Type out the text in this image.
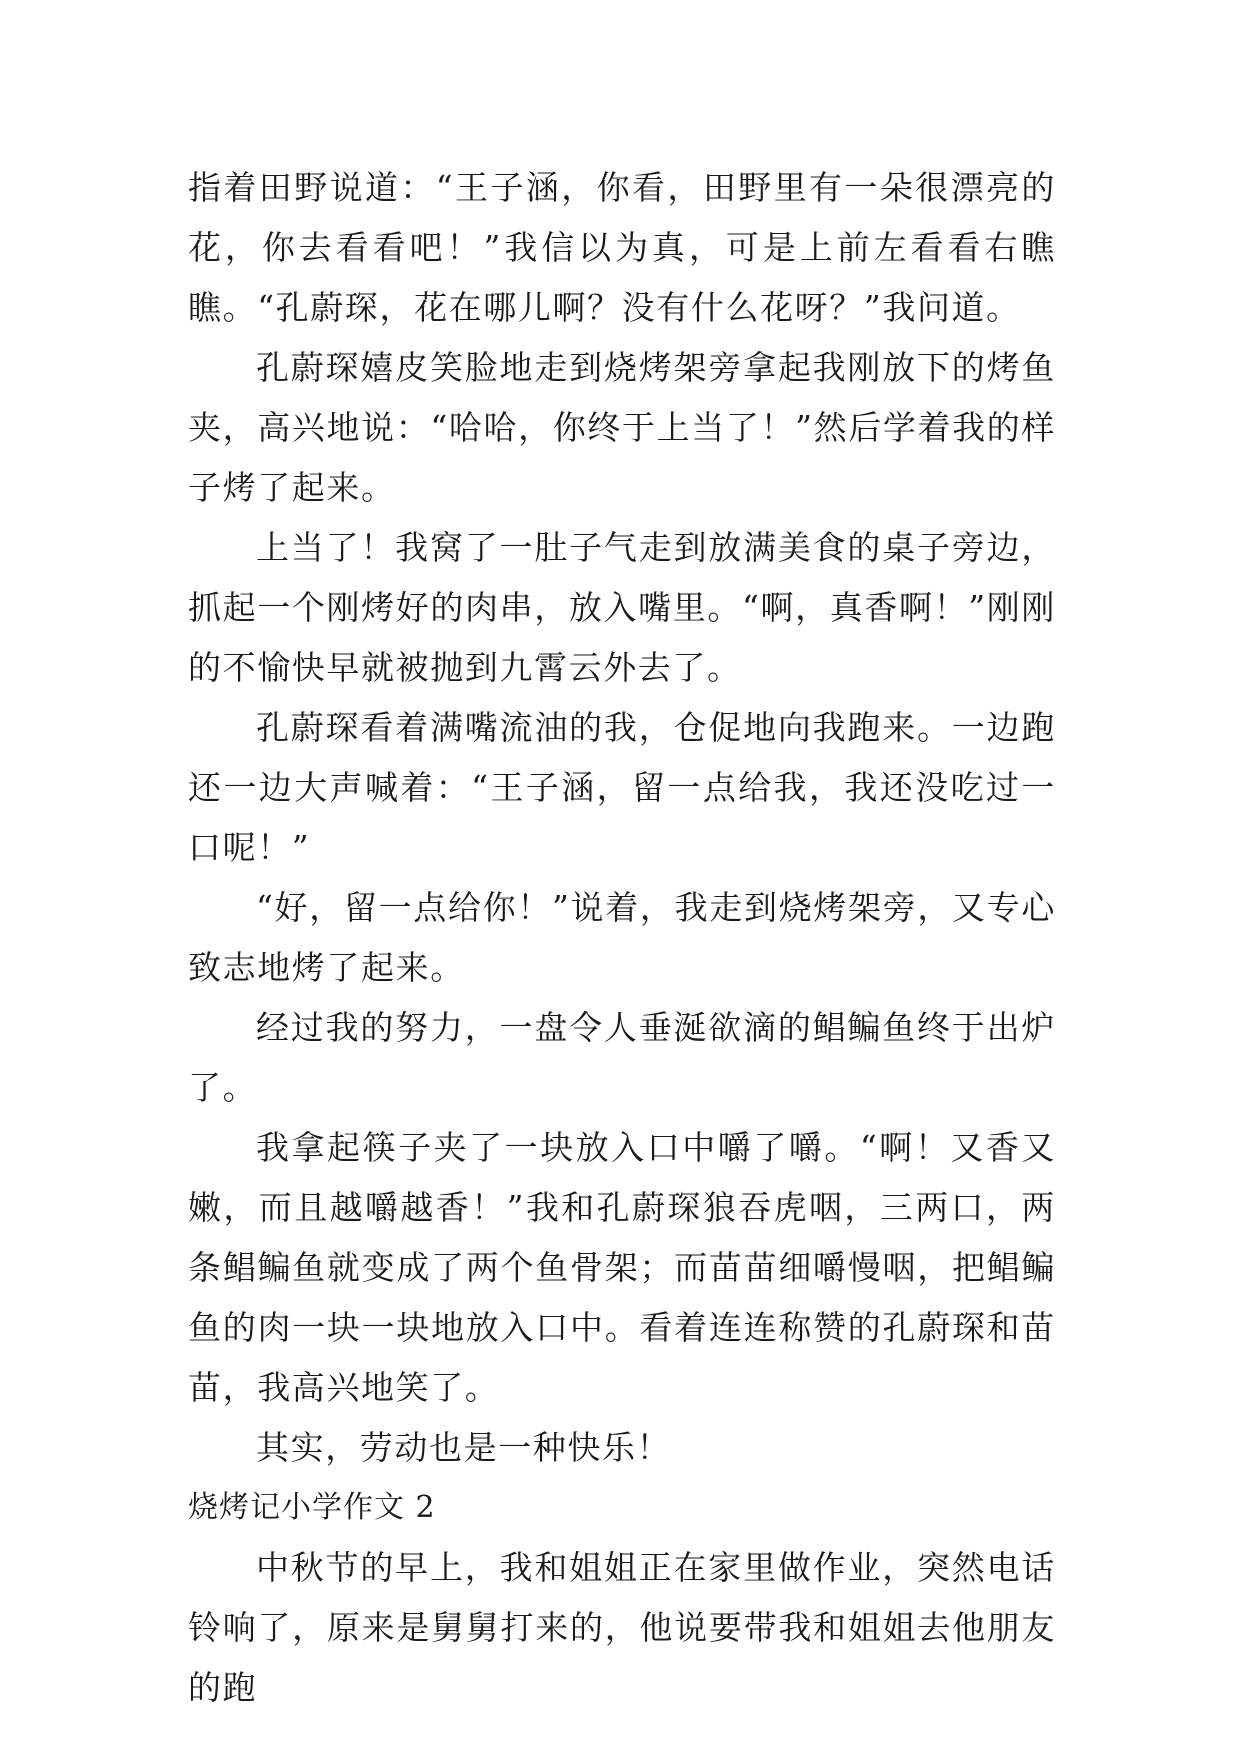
指着田野说道：“王子涵，你看，田野里有一朵很漂亮的花，你去看看吧！”我信以为真，可是上前左看看右瞧瞧。“孔蔚琛，花在哪儿啊？没有什么花呀？”我问道。

孔蔚琛嬉皮笑脸地走到烧烤架旁拿起我刚放下的烤鱼夹，高兴地说：“哈哈，你终于上当了！”然后学着我的样子烤了起来。

上当了！我窝了一肚子气走到放满美食的桌子旁边，抓起一个刚烤好的肉串，放入嘴里。“啊，真香啊！”刚刚的不愉快早就被抛到九霄云外去了。

孔蔚琛看着满嘴流油的我，仓促地向我跑来。一边跑还一边大声喊着：“王子涵，留一点给我，我还没吃过一口呢！”

“好，留一点给你！”说着，我走到烧烤架旁，又专心致志地烤了起来。

经过我的努力，一盘令人垂涎欲滴的鲳鳊鱼终于出炉了。

我拿起筷子夹了一块放入口中嚼了嚼。“啊！又香又嫩，而且越嚼越香！”我和孔蔚琛狼吞虎咽，三两口，两条鲳鳊鱼就变成了两个鱼骨架；而苗苗细嚼慢咽，把鲳鳊鱼的肉一块一块地放入口中。看着连连称赞的孔蔚琛和苗苗，我高兴地笑了。

其实，劳动也是一种快乐！

烧烤记小学作文 2

中秋节的早上，我和姐姐正在家里做作业，突然电话铃响了，原来是舅舅打来的，他说要带我和姐姐去他朋友的跑
